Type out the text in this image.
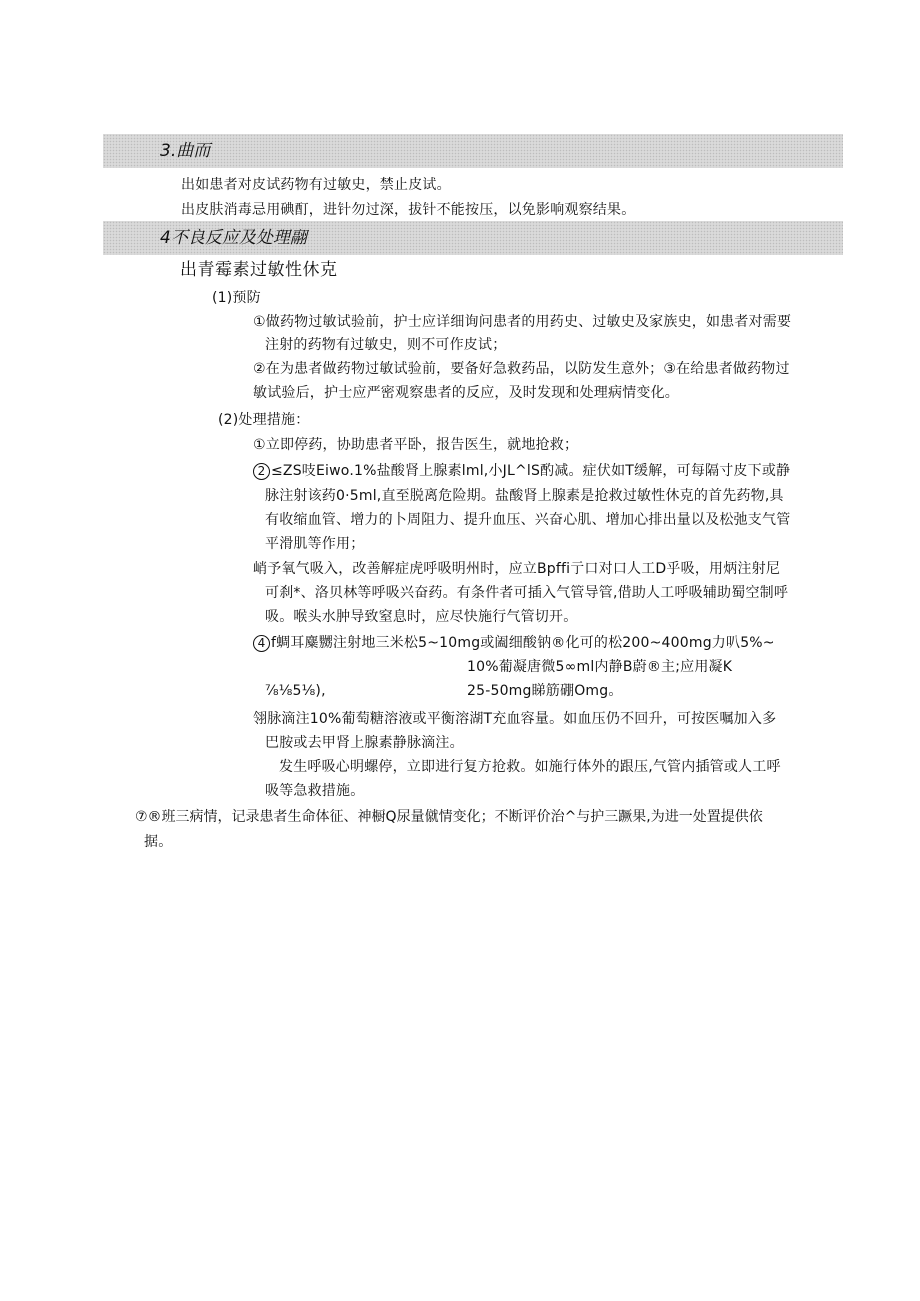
3.曲而
出如患者对皮试药物有过敏史，禁止皮试。
出皮肤消毒忌用碘酊，进针勿过深，拔针不能按压，以免影响观察结果。
4不良反应及处理翮
出青霉素过敏性休克
(1)预防
①做药物过敏试验前，护士应详细询问患者的用药史、过敏史及家族史，如患者对需要
注射的药物有过敏史，则不可作皮试；
②在为患者做药物过敏试验前，要备好急救药品，以防发生意外；③在给患者做药物过
敏试验后，护士应严密观察患者的反应，及时发现和处理病情变化。
(2)处理措施：
①立即停药，协助患者平卧，报告医生，就地抢救；
2 ≤ZS吱Eiwo.1%盐酸肾上腺素lml,小JL^lS酌减。症伏如T缓解，可每隔寸皮下或静
脉注射该药0·5ml,直至脱离危险期。盐酸肾上腺素是抢救过敏性休克的首先药物,具
有收缩血管、增力的卜周阻力、提升血压、兴奋心肌、增加心排出量以及松弛支气管
平滑肌等作用；
峭予氧气吸入，改善解症虎呼吸明州时，应立Bpffi亍口对口人工D乎吸，用炳注射尼
可刹*、洛贝林等呼吸兴奋药。有条件者可插入气管导管,借助人工呼吸辅助蜀空制呼
吸。喉头水肿导致窒息时，应尽快施行气管切开。
4 f蜩耳麋嬲注射地三米松5~10mg或阖细酸钠®化可的松200~400mg力叭5%~
10%葡凝唐微5∞ml内静B蔚®主;应用凝K
⅞⅛5⅛),	25-50mg睇筋硼Omg。
翎脉滴注10%葡萄糖溶液或平衡溶湖T充血容量。如血压仍不回升，可按医嘱加入多
巴胺或去甲肾上腺素静脉滴注。
发生呼吸心明螺停，立即进行复方抢救。如施行体外的跟压,气管内插管或人工呼
吸等急救措施。
⑦®班三病情，记录患者生命体征、神橱Q尿量僦情变化；不断评价治^与护三蹶果,为进一处置提供依
据。
